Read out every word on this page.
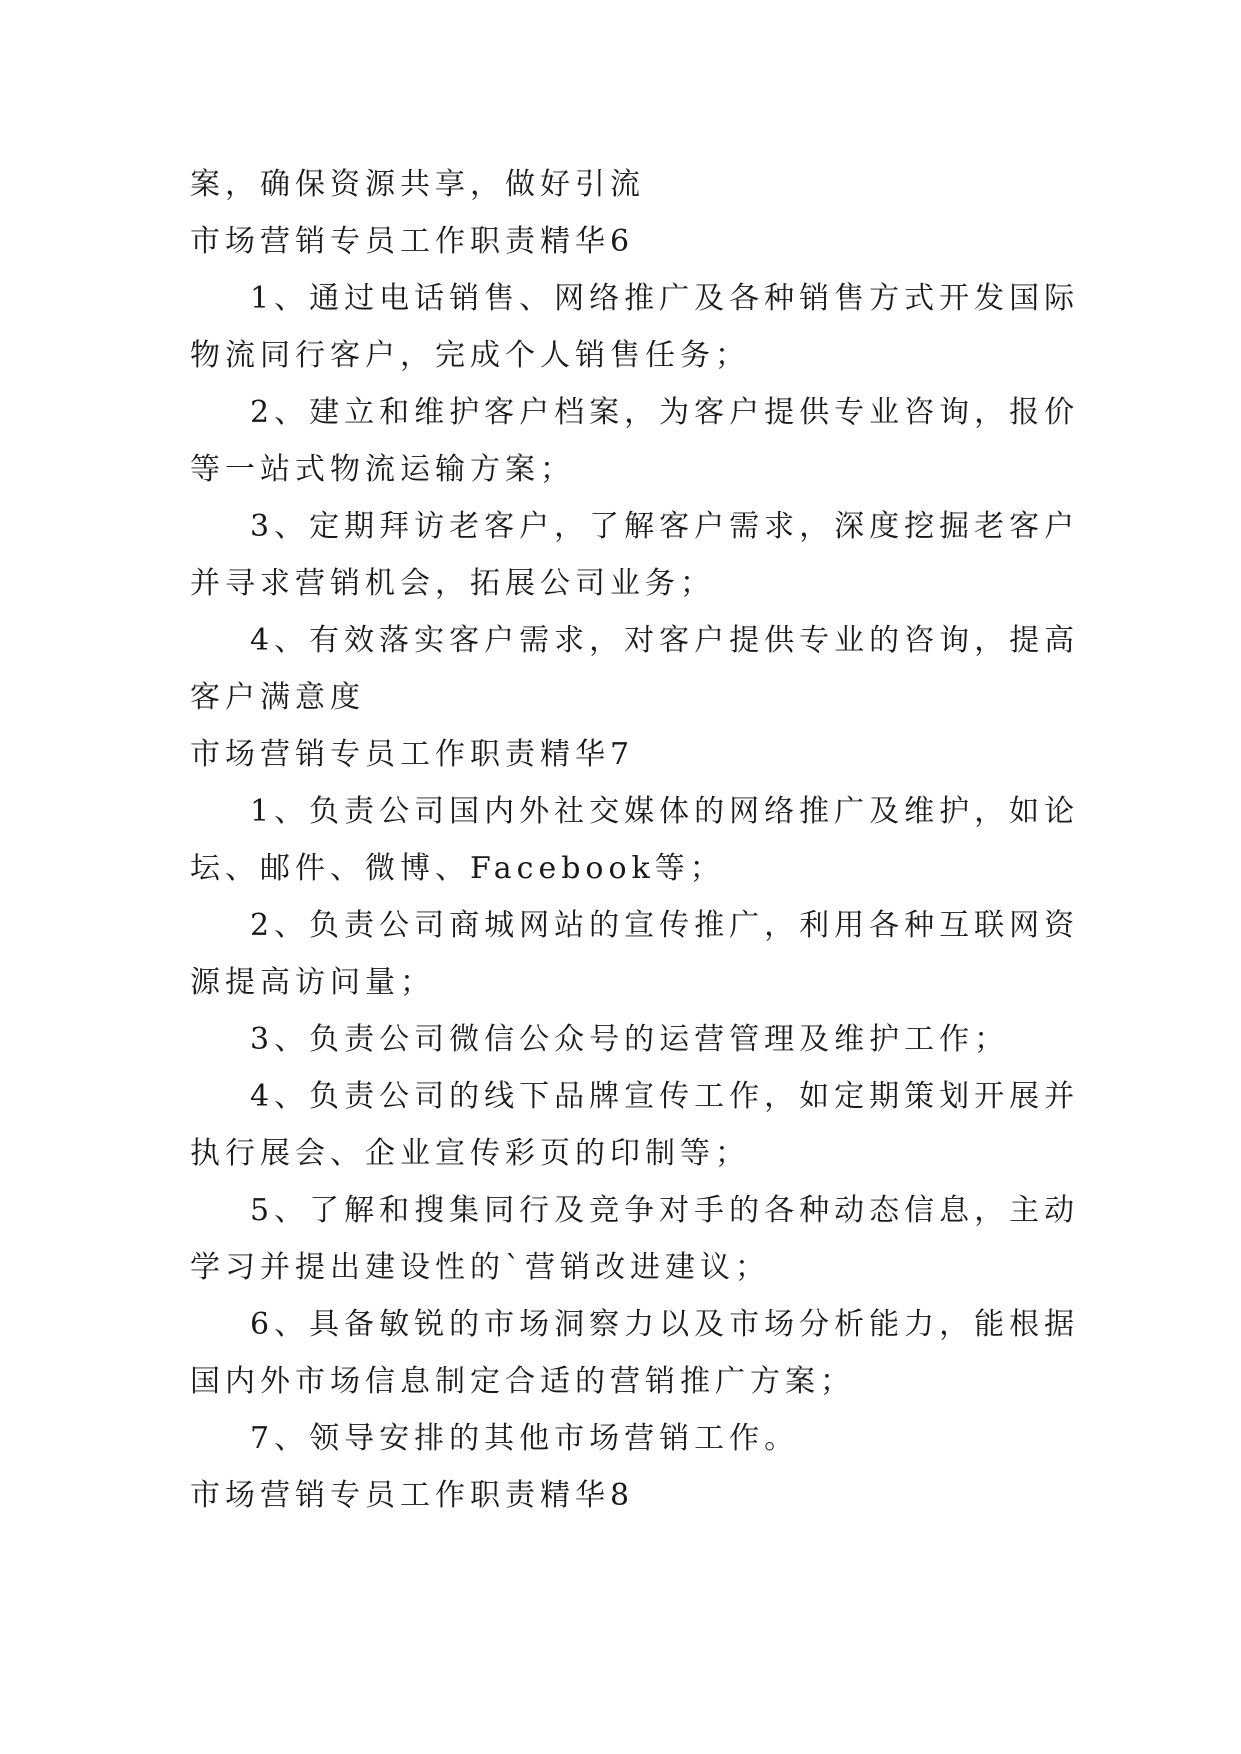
案，确保资源共享，做好引流
市场营销专员工作职责精华6
1、通过电话销售、网络推广及各种销售方式开发国际
物流同行客户，完成个人销售任务；
2、建立和维护客户档案，为客户提供专业咨询，报价
等一站式物流运输方案；
3、定期拜访老客户，了解客户需求，深度挖掘老客户
并寻求营销机会，拓展公司业务；
4、有效落实客户需求，对客户提供专业的咨询，提高
客户满意度
市场营销专员工作职责精华7
1、负责公司国内外社交媒体的网络推广及维护，如论
坛、邮件、微博、Facebook等；
2、负责公司商城网站的宣传推广，利用各种互联网资
源提高访问量；
3、负责公司微信公众号的运营管理及维护工作；
4、负责公司的线下品牌宣传工作，如定期策划开展并
执行展会、企业宣传彩页的印制等；
5、了解和搜集同行及竞争对手的各种动态信息，主动
学习并提出建设性的`营销改进建议；
6、具备敏锐的市场洞察力以及市场分析能力，能根据
国内外市场信息制定合适的营销推广方案；
7、领导安排的其他市场营销工作。
市场营销专员工作职责精华8
